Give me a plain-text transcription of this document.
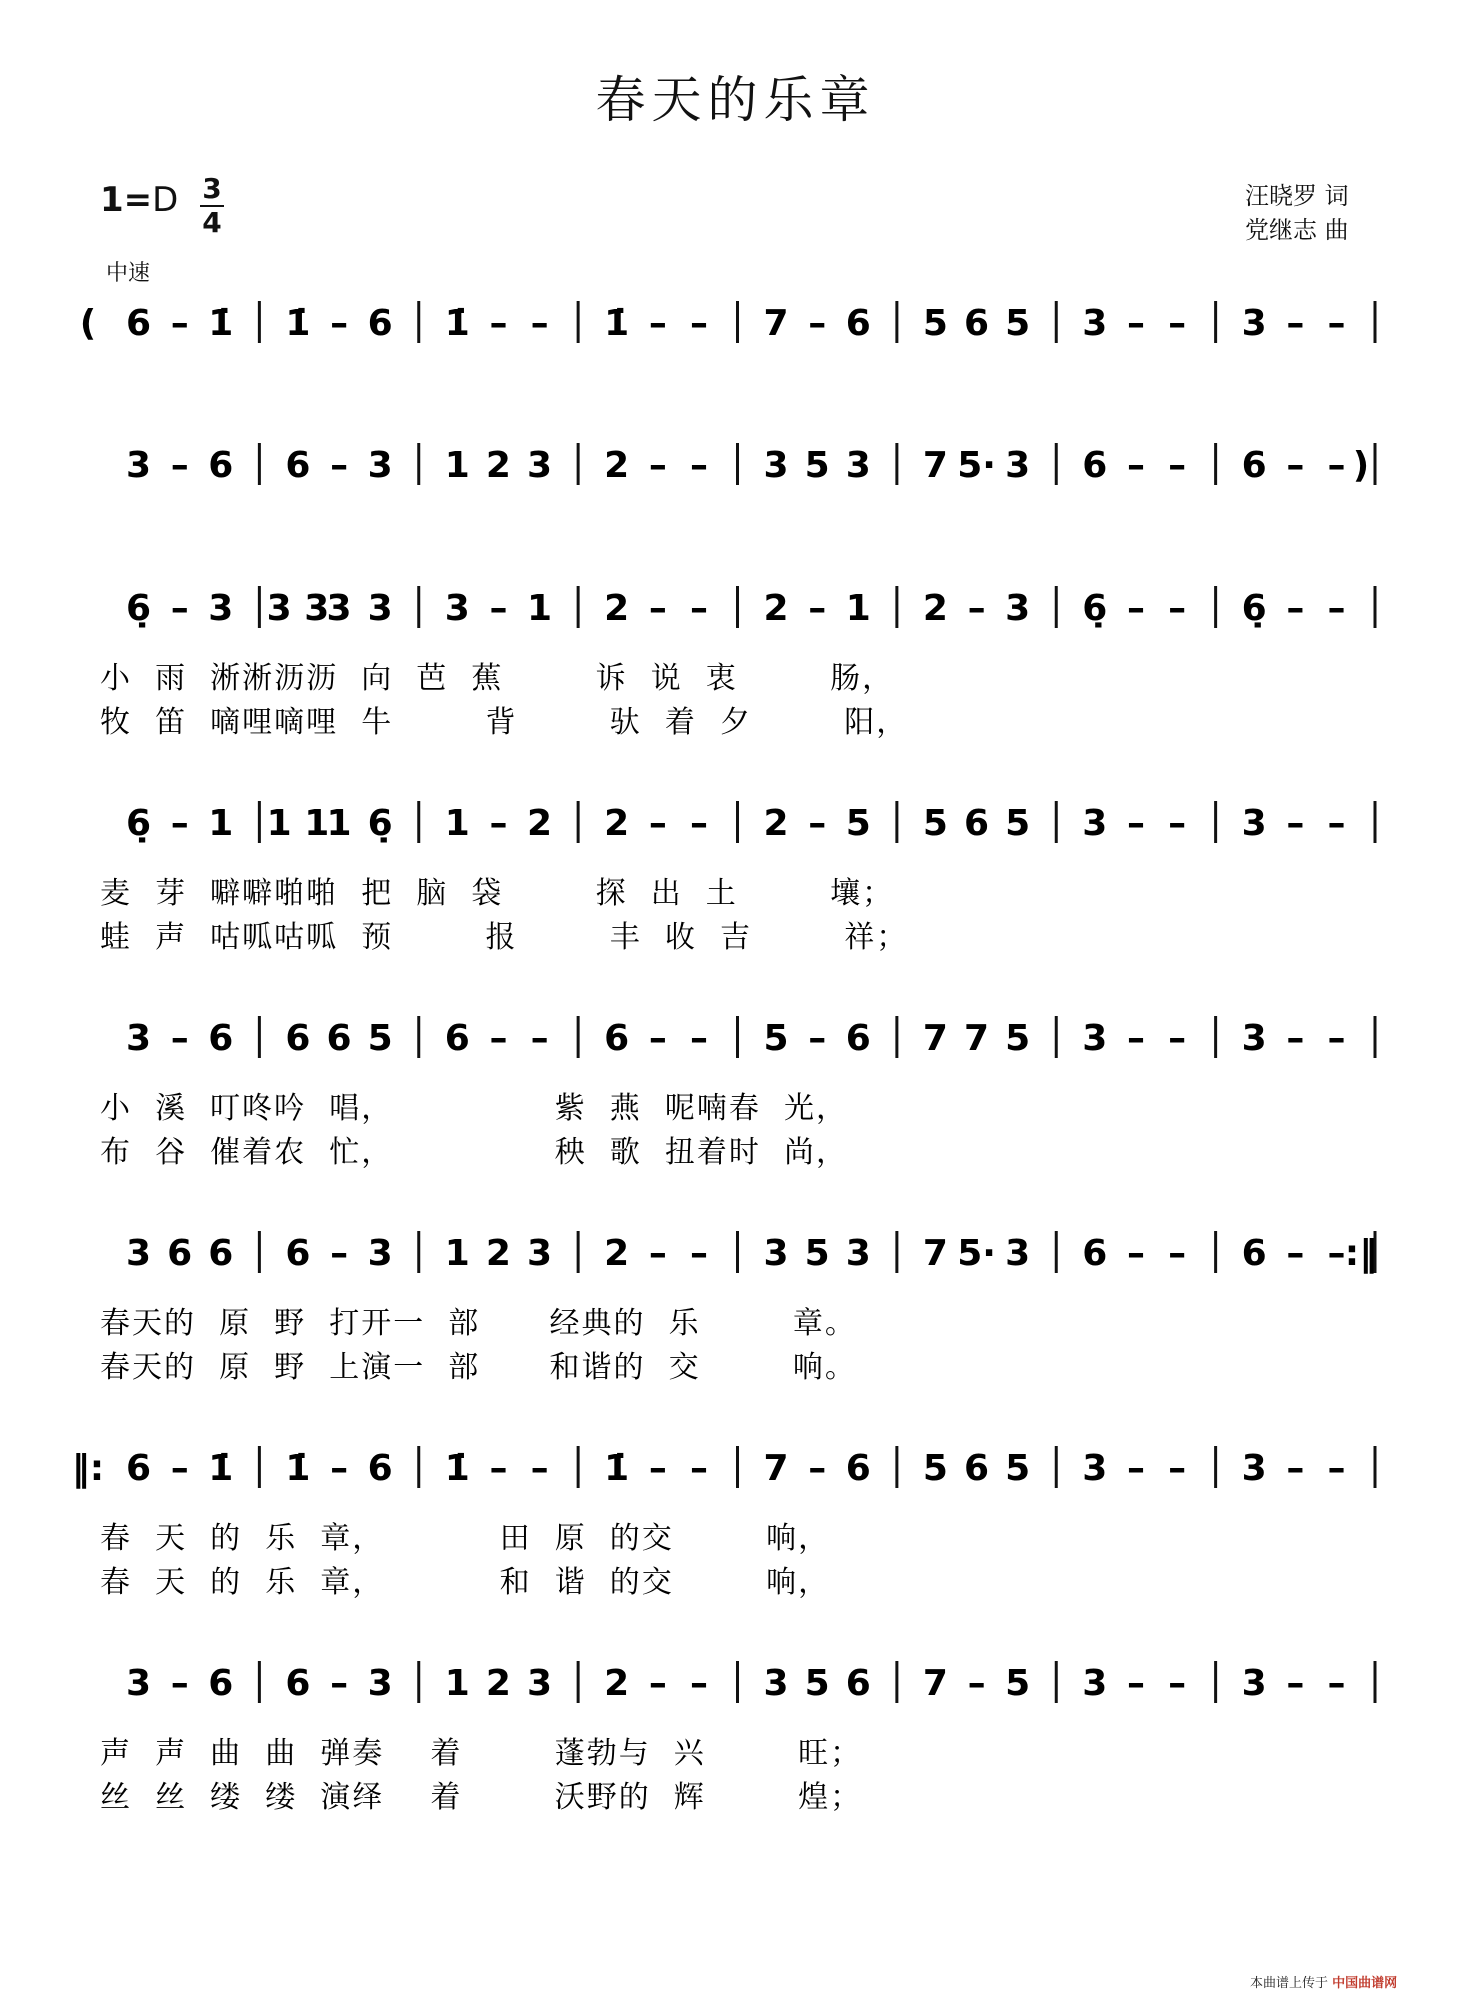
春天的乐章
1=D 3
4
中速
汪晓罗 词
党继志 曲
( 6 – 1̇ 1̇ – 6 1̇ – – 1̇ – – 7 – 6 5 6 5 3 – – 3 – –
3 – 6 6 – 3 1 2 3 2 – – 3 5 3 7 5· 3 6 – – 6 – – )
6̣ – 3 3 3
3 3 3 – 1 2 – – 2 – 1 2 – 3 6̣ – – 6̣ – –
小  雨  淅淅沥沥  向  芭  蕉        诉  说  衷        肠，
牧  笛  嘀哩嘀哩  牛        背        驮  着  夕        阳，
6̣ – 1 1 1
1 6̣ 1 – 2 2 – – 2 – 5 5 6 5 3 – – 3 – –
麦  芽  噼噼啪啪  把  脑  袋        探  出  土        壤；
蛙  声  咕呱咕呱  预        报        丰  收  吉        祥；
3 – 6 6 6 5 6 – – 6 – – 5 – 6 7 7 5 3 – – 3 – –
小  溪  叮咚吟  唱，              紫  燕  呢喃春  光，
布  谷  催着农  忙，              秧  歌  扭着时  尚，
3 6 6 6 – 3 1 2 3 2 – – 3 5 3 7 5· 3 6 – – 6 – – :‖
春天的  原  野  打开一  部      经典的  乐        章。
春天的  原  野  上演一  部      和谐的  交        响。
‖: 6 – 1̇ 1̇ – 6 1̇ – – 1̇ – – 7 – 6 5 6 5 3 – – 3 – –
春  天  的  乐  章，          田  原  的交        响，
春  天  的  乐  章，          和  谐  的交        响，
3 – 6 6 – 3 1 2 3 2 – – 3 5 6 7 – 5 3 – – 3 – –
声  声  曲  曲  弹奏    着        蓬勃与  兴        旺；
丝  丝  缕  缕  演绎    着        沃野的  辉        煌；
本曲谱上传于 中国曲谱网
